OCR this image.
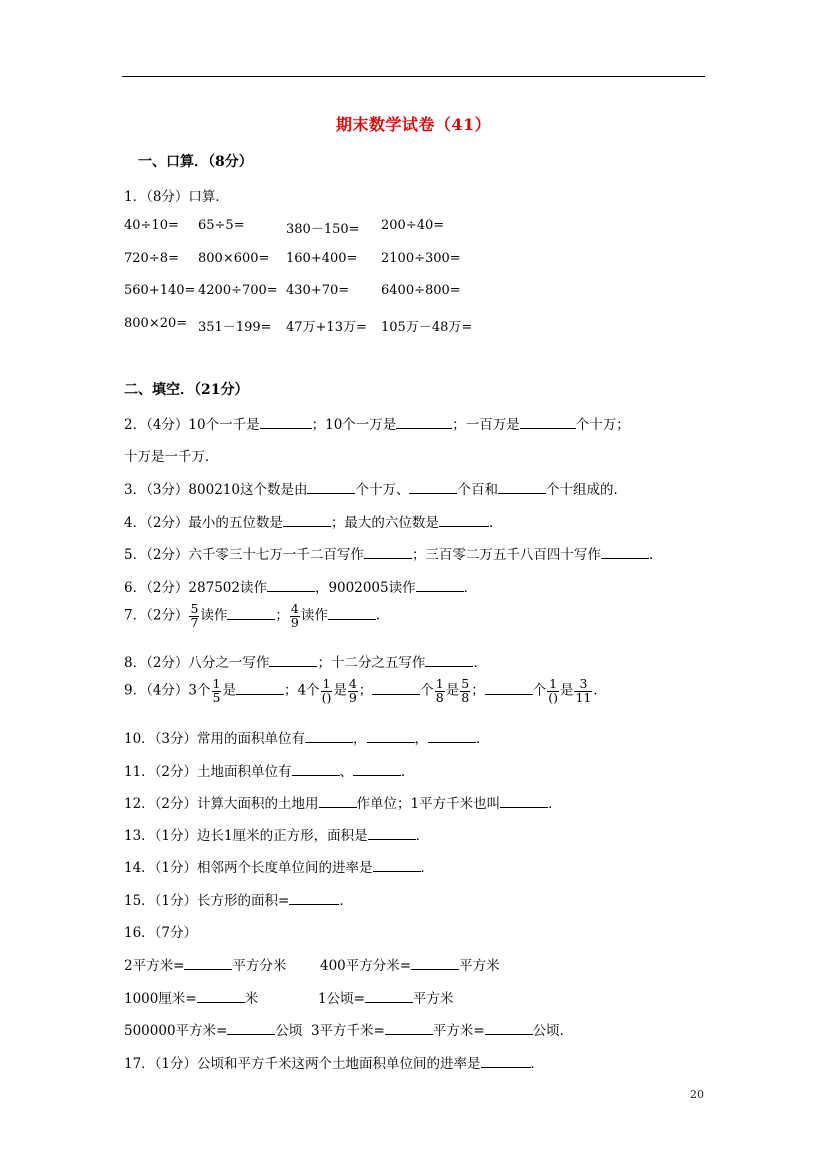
期末数学试卷（41）
一、口算．（8分）
1．（8分）口算．
40÷10= 65÷5=	380－150= 200÷40=
720÷8= 800×600= 160+400= 2100÷300=
560+140= 4200÷700= 430+70= 6400÷800=
800×20= 351－199= 47万+13万= 105万－48万=
二、填空．（21分）
2．（4分）10个一千是	；10个一万是	；一百万是	个十万；
十万是一千万．
3．（3分）800210这个数是由	个十万、	个百和	个十组成的．
4．（2分）最小的五位数是	；最大的六位数是	．
5．（2分）六千零三十七万一千二百写作	；三百零二万五千八百四十写作	．
6．（2分）287502读作	，9002005读作	．
7．（2分） $\frac{5}{7}$ 读作	； $\frac{4}{9}$ 读作	．
8．（2分）八分之一写作	；十二分之五写作	．
9．（4分）3个 $\frac{1}{5}$ 是	；4个 $\frac{1}{()}$ 是 $\frac{4}{9}$ ；	个 $\frac{1}{8}$ 是 $\frac{5}{8}$ ；	个 $\frac{1}{()}$ 是 $\frac{3}{11}$ ．
10．（3分）常用的面积单位有	，	，	．
11．（2分）土地面积单位有	、	．
12．（2分）计算大面积的土地用	作单位；1平方千米也叫	．
13．（1分）边长1厘米的正方形，面积是	．
14．（1分）相邻两个长度单位间的进率是	．
15．（1分）长方形的面积=	．
16．（7分）
2平方米=	平方分米 400平方分米=	平方米
1000厘米=	米	1公顷=	平方米
500000平方米=	公顷 3平方千米=	平方米=	公顷．
17．（1分）公顷和平方千米这两个土地面积单位间的进率是	．
20
